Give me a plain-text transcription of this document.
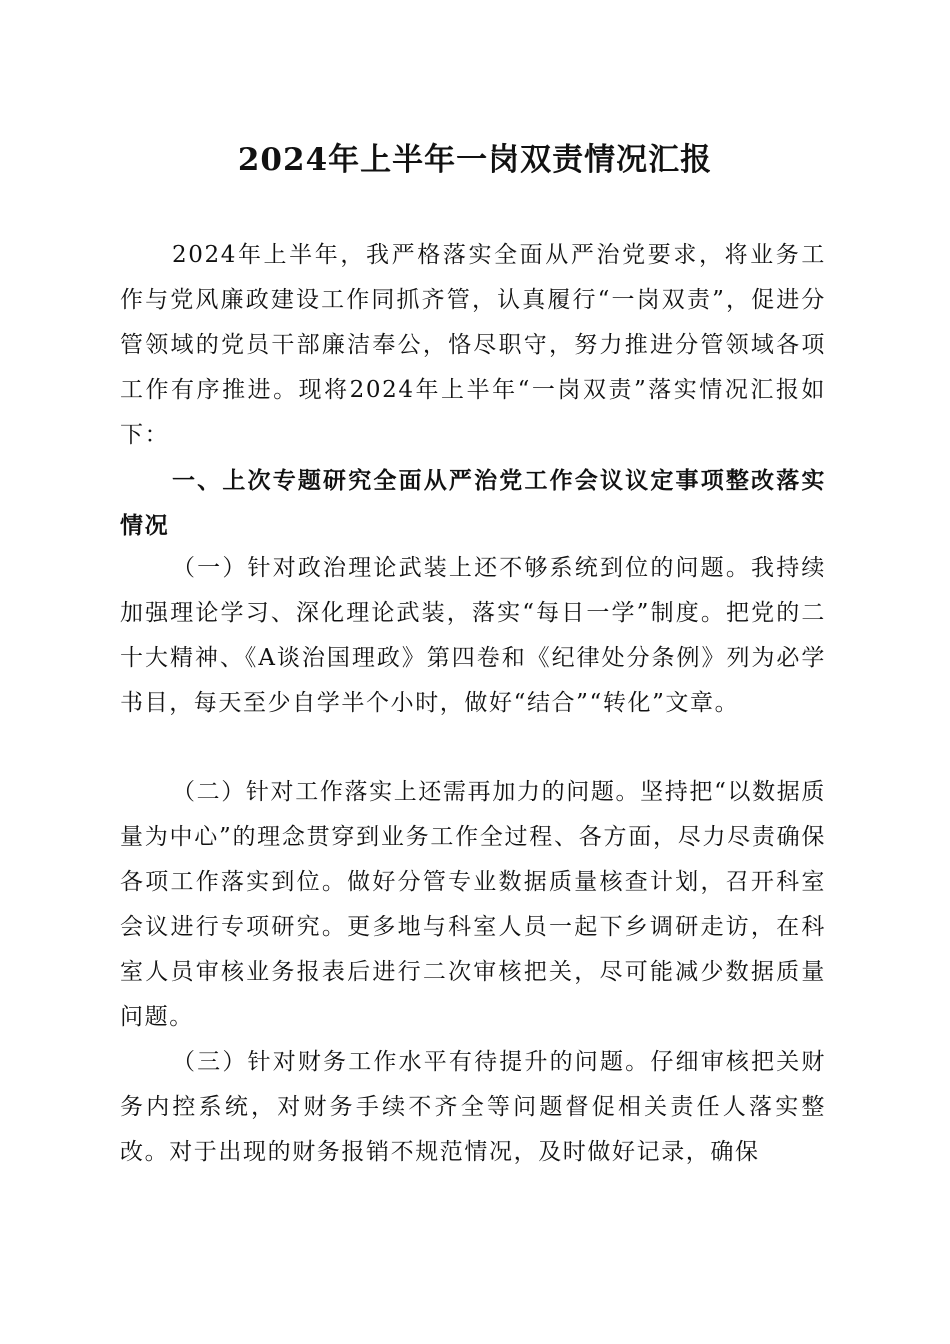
2024年上半年一岗双责情况汇报

2024年上半年，我严格落实全面从严治党要求，将业务工作与党风廉政建设工作同抓齐管，认真履行“一岗双责”，促进分管领域的党员干部廉洁奉公，恪尽职守，努力推进分管领域各项工作有序推进。现将2024年上半年“一岗双责”落实情况汇报如下：

一、上次专题研究全面从严治党工作会议议定事项整改落实情况

（一）针对政治理论武装上还不够系统到位的问题。我持续加强理论学习、深化理论武装，落实“每日一学”制度。把党的二十大精神、《A谈治国理政》第四卷和《纪律处分条例》列为必学书目，每天至少自学半个小时，做好“结合”“转化”文章。

（二）针对工作落实上还需再加力的问题。坚持把“以数据质量为中心”的理念贯穿到业务工作全过程、各方面，尽力尽责确保各项工作落实到位。做好分管专业数据质量核查计划，召开科室会议进行专项研究。更多地与科室人员一起下乡调研走访，在科室人员审核业务报表后进行二次审核把关，尽可能减少数据质量问题。

（三）针对财务工作水平有待提升的问题。仔细审核把关财务内控系统，对财务手续不齐全等问题督促相关责任人落实整改。对于出现的财务报销不规范情况，及时做好记录，确保
